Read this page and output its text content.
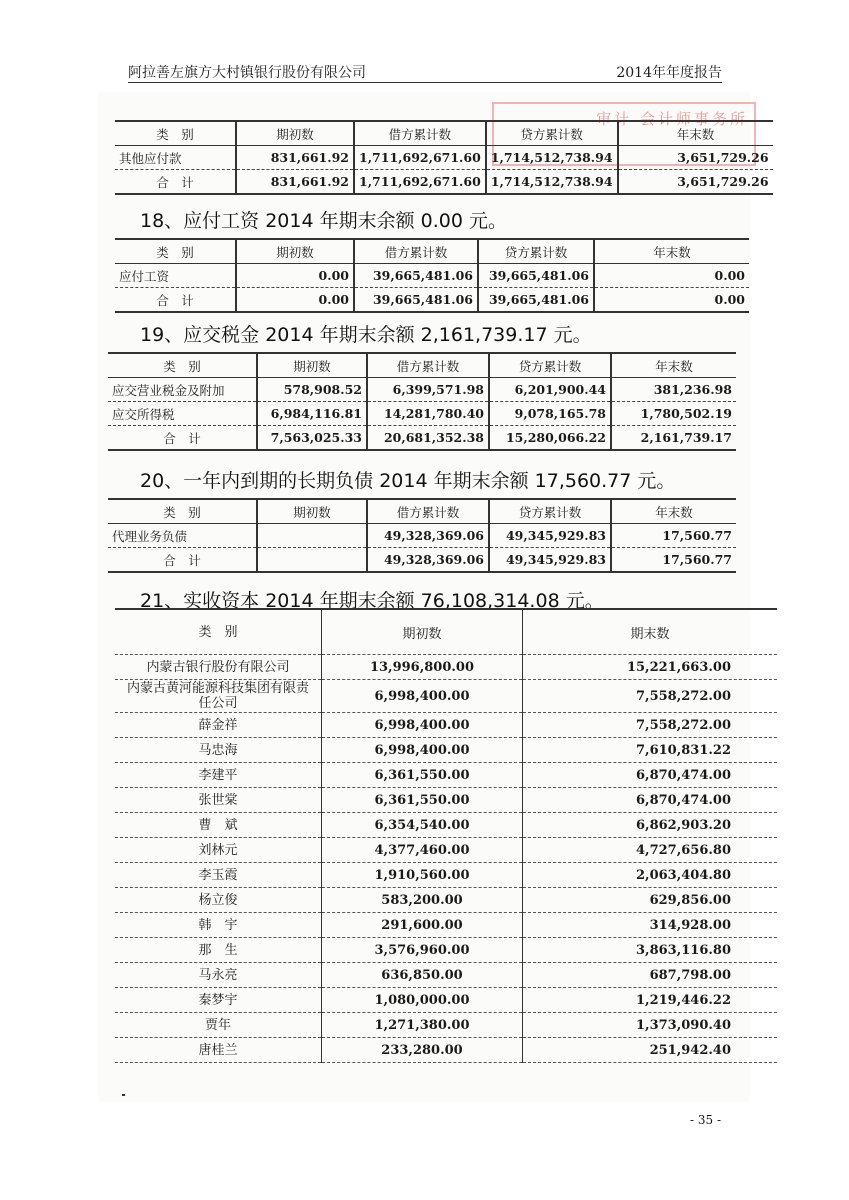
阿拉善左旗方大村镇银行股份有限公司	2014年年度报告
审计 会计师事务所
类　别	期初数	借方累计数	贷方累计数	年末数
其他应付款	831,661.92	1,711,692,671.60	1,714,512,738.94	3,651,729.26
合　计	831,661.92	1,711,692,671.60	1,714,512,738.94	3,651,729.26
18、应付工资 2014 年期末余额 0.00 元。
类　别	期初数	借方累计数	贷方累计数	年末数
应付工资	0.00	39,665,481.06	39,665,481.06	0.00
合　计	0.00	39,665,481.06	39,665,481.06	0.00
19、应交税金 2014 年期末余额 2,161,739.17 元。
类　别	期初数	借方累计数	贷方累计数	年末数
应交营业税金及附加	578,908.52	6,399,571.98	6,201,900.44	381,236.98
应交所得税	6,984,116.81	14,281,780.40	9,078,165.78	1,780,502.19
合　计	7,563,025.33	20,681,352.38	15,280,066.22	2,161,739.17
20、一年内到期的长期负债 2014 年期末余额 17,560.77 元。
类　别	期初数	借方累计数	贷方累计数	年末数
代理业务负债		49,328,369.06	49,345,929.83	17,560.77
合　计		49,328,369.06	49,345,929.83	17,560.77
21、实收资本 2014 年期末余额 76,108,314.08 元。
类　别	期初数	期末数
内蒙古银行股份有限公司	13,996,800.00	15,221,663.00
内蒙古黄河能源科技集团有限责任公司	6,998,400.00	7,558,272.00
薛金祥	6,998,400.00	7,558,272.00
马忠海	6,998,400.00	7,610,831.22
李建平	6,361,550.00	6,870,474.00
张世棠	6,361,550.00	6,870,474.00
曹　斌	6,354,540.00	6,862,903.20
刘林元	4,377,460.00	4,727,656.80
李玉霞	1,910,560.00	2,063,404.80
杨立俊	583,200.00	629,856.00
韩　宇	291,600.00	314,928.00
那　生	3,576,960.00	3,863,116.80
马永亮	636,850.00	687,798.00
秦梦宇	1,080,000.00	1,219,446.22
贾年	1,271,380.00	1,373,090.40
唐桂兰	233,280.00	251,942.40
- 35 -
